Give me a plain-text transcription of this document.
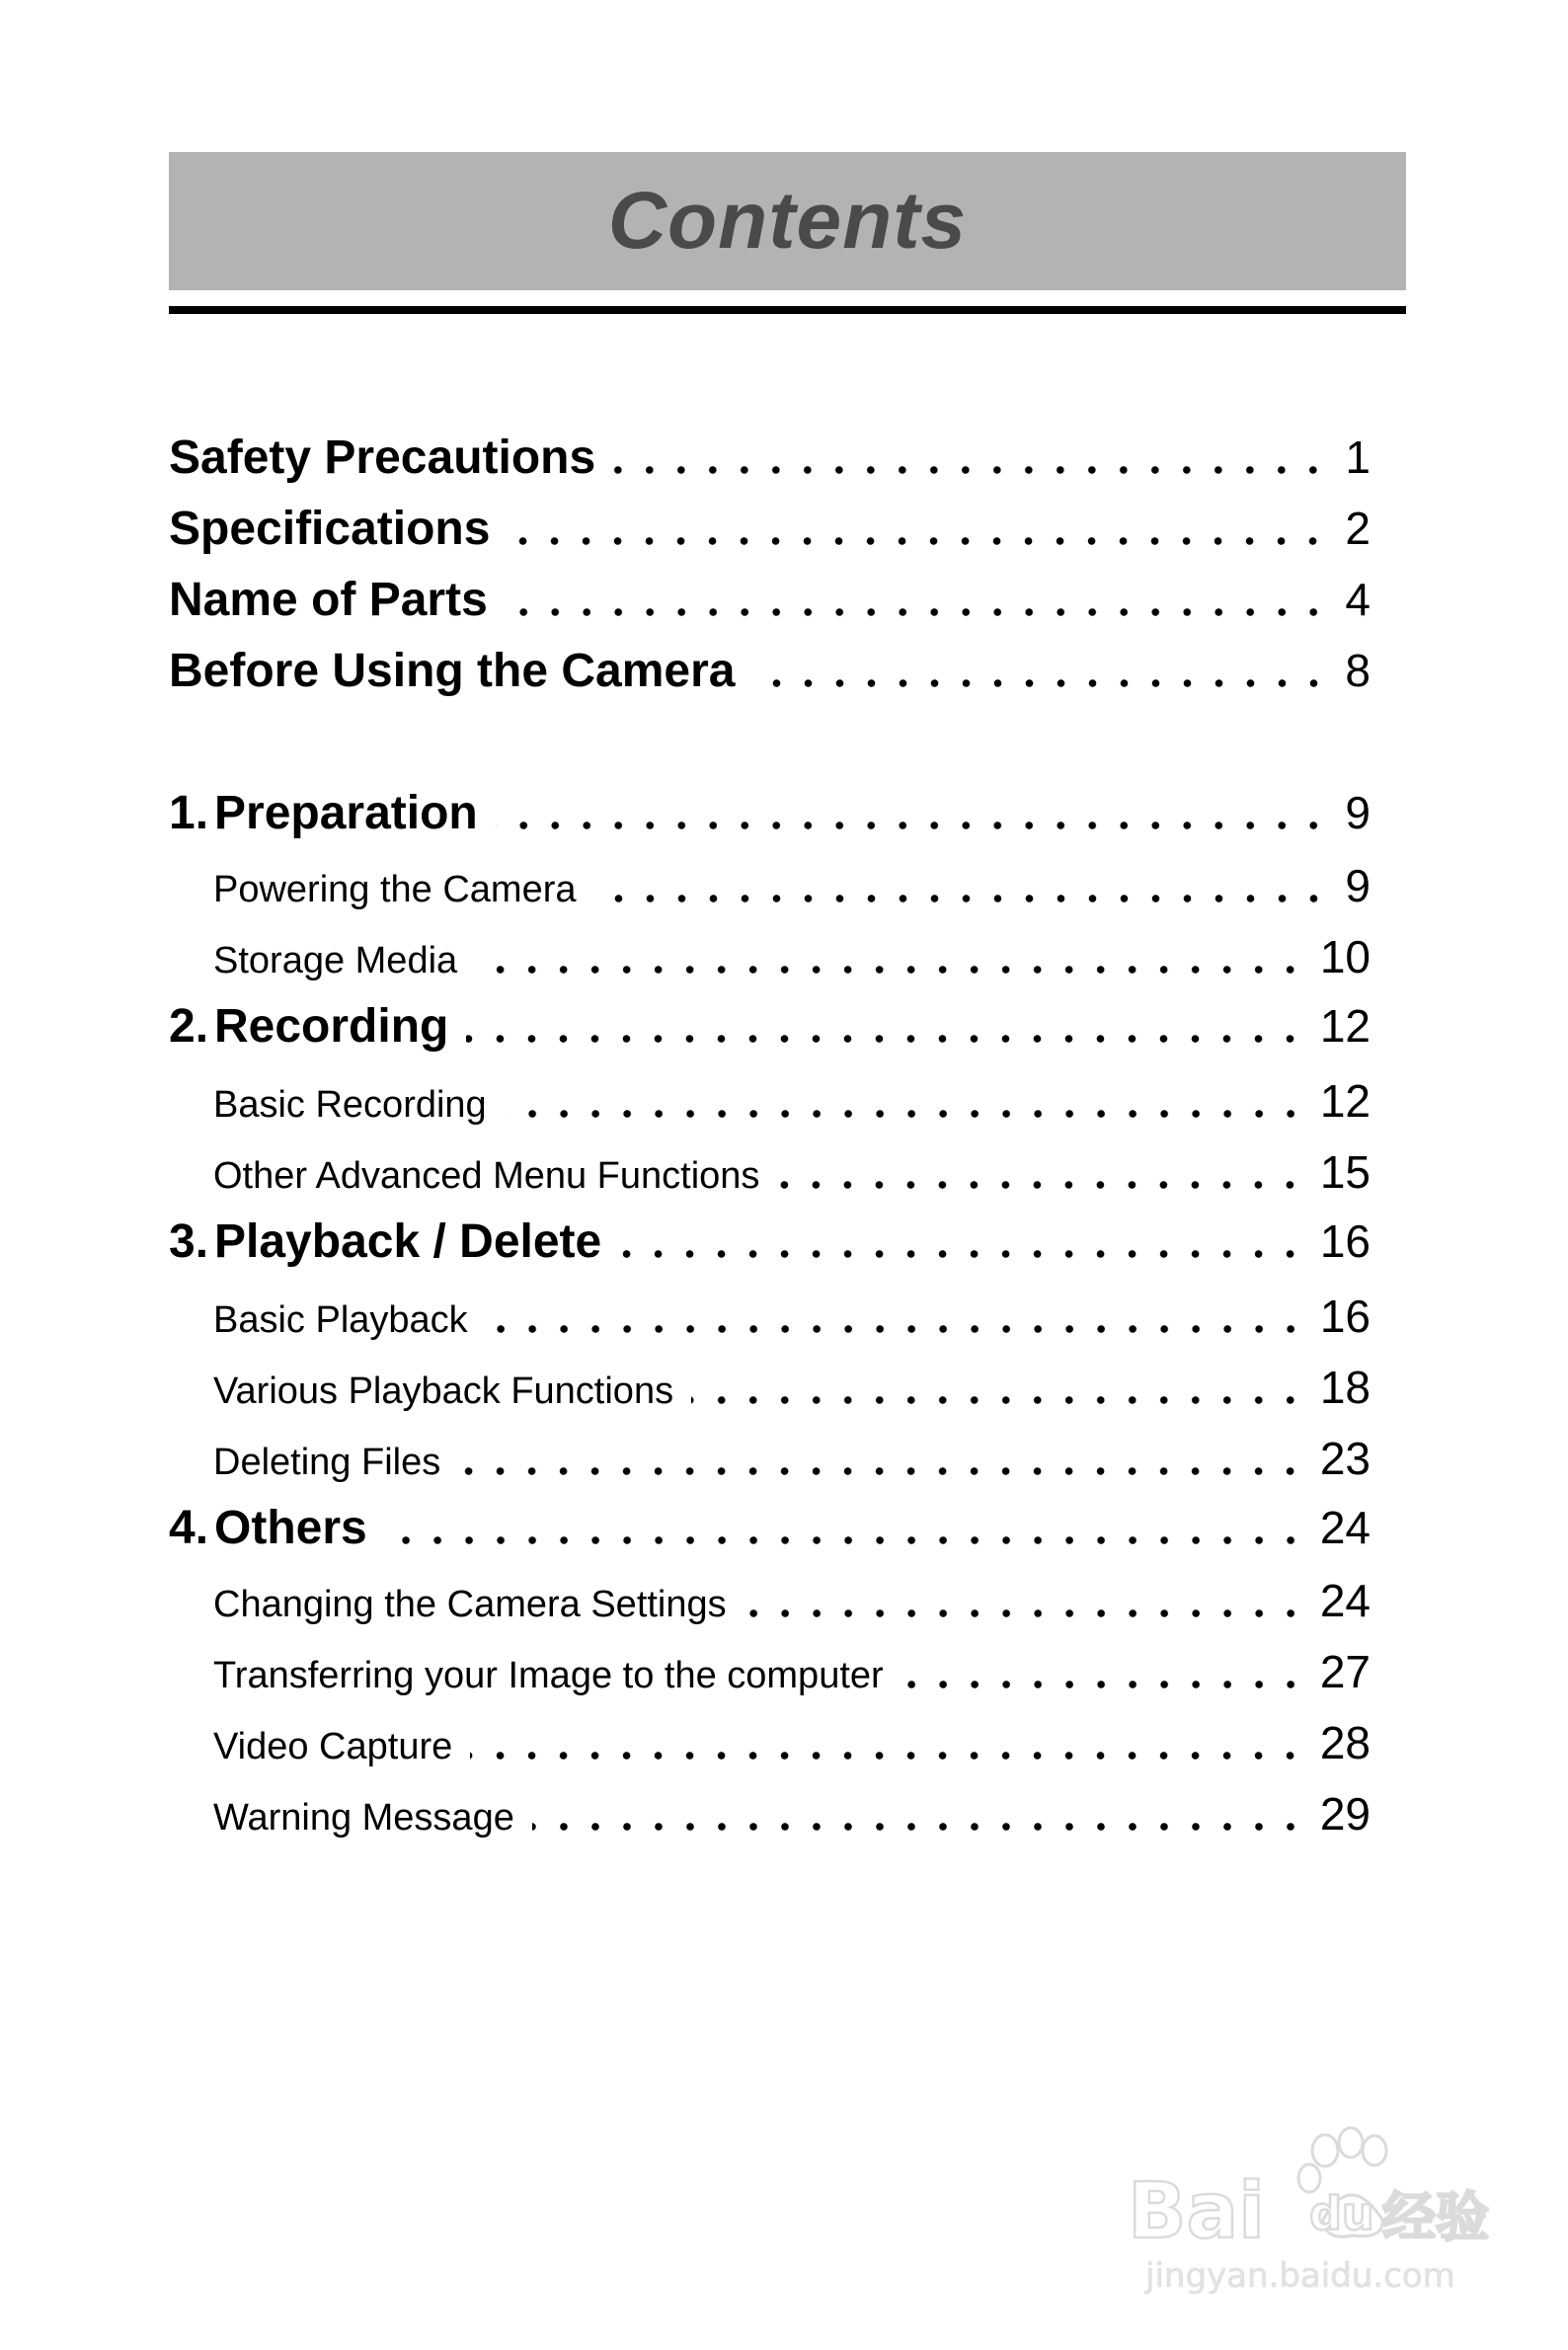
Contents
Safety Precautions	1
Specifications	2
Name of Parts	4
Before Using the Camera	8
1. Preparation	9
Powering the Camera	9
Storage Media	10
2. Recording	12
Basic Recording	12
Other Advanced Menu Functions	15
3. Playback / Delete	16
Basic Playback	16
Various Playback Functions	18
Deleting Files	23
4. Others	24
Changing the Camera Settings	24
Transferring your Image to the computer	27
Video Capture	28
Warning Message	29
Bai du 经验
jingyan.baidu.com
